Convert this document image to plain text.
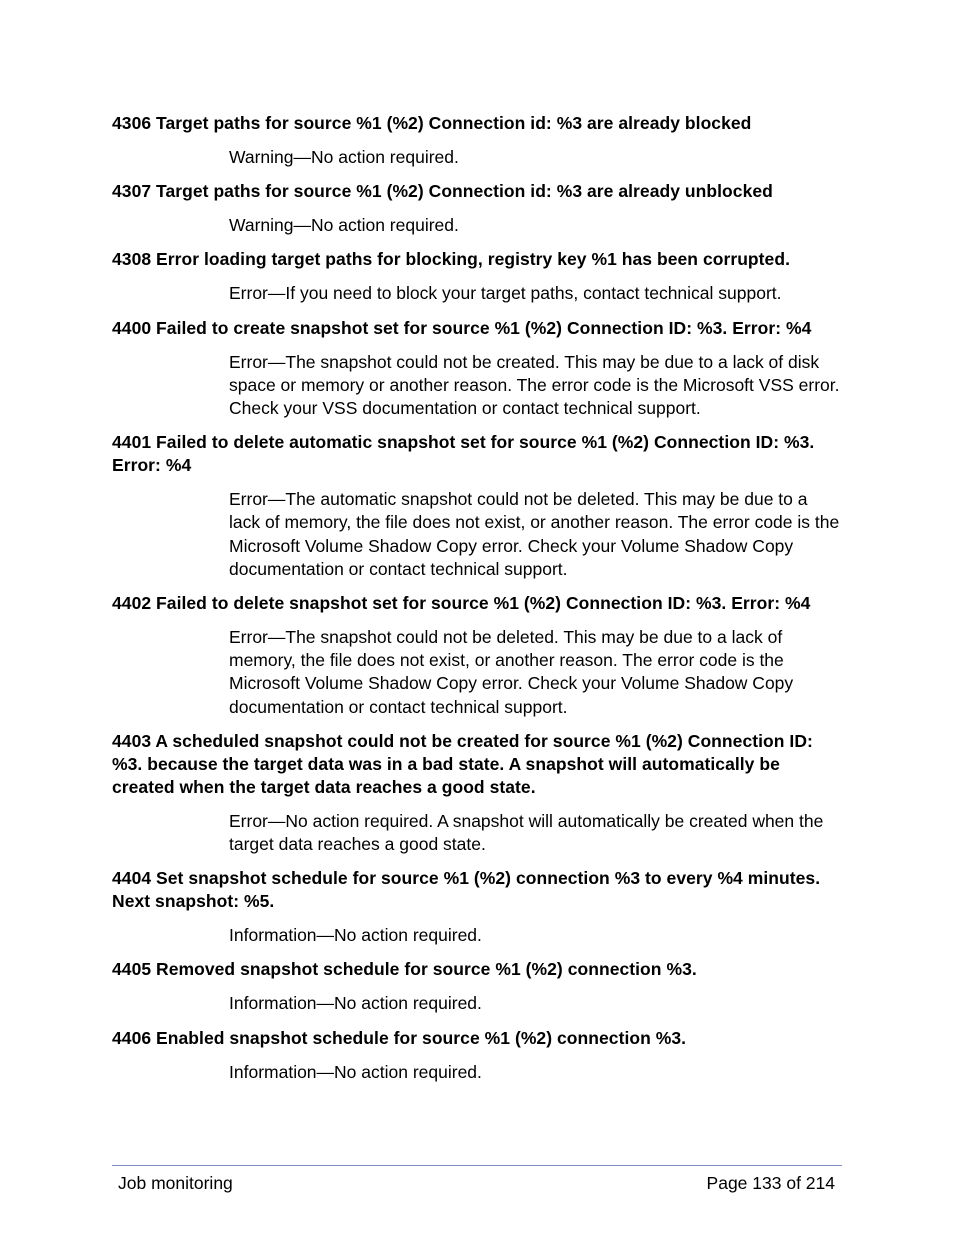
4306 Target paths for source %1 (%2) Connection id: %3 are already blocked
Warning—No action required.
4307 Target paths for source %1 (%2) Connection id: %3 are already unblocked
Warning—No action required.
4308 Error loading target paths for blocking, registry key %1 has been corrupted.
Error—If you need to block your target paths, contact technical support.
4400 Failed to create snapshot set for source %1 (%2) Connection ID: %3. Error: %4
Error—The snapshot could not be created. This may be due to a lack of disk space or memory or another reason. The error code is the Microsoft VSS error. Check your VSS documentation or contact technical support.
4401 Failed to delete automatic snapshot set for source %1 (%2) Connection ID: %3. Error: %4
Error—The automatic snapshot could not be deleted. This may be due to a lack of memory, the file does not exist, or another reason. The error code is the Microsoft Volume Shadow Copy error. Check your Volume Shadow Copy documentation or contact technical support.
4402 Failed to delete snapshot set for source %1 (%2) Connection ID: %3. Error: %4
Error—The snapshot could not be deleted. This may be due to a lack of memory, the file does not exist, or another reason. The error code is the Microsoft Volume Shadow Copy error. Check your Volume Shadow Copy documentation or contact technical support.
4403 A scheduled snapshot could not be created for source %1 (%2) Connection ID: %3. because the target data was in a bad state. A snapshot will automatically be created when the target data reaches a good state.
Error—No action required. A snapshot will automatically be created when the target data reaches a good state.
4404 Set snapshot schedule for source %1 (%2) connection %3 to every %4 minutes. Next snapshot: %5.
Information—No action required.
4405 Removed snapshot schedule for source %1 (%2) connection %3.
Information—No action required.
4406 Enabled snapshot schedule for source %1 (%2) connection %3.
Information—No action required.
Job monitoring	Page 133 of 214
